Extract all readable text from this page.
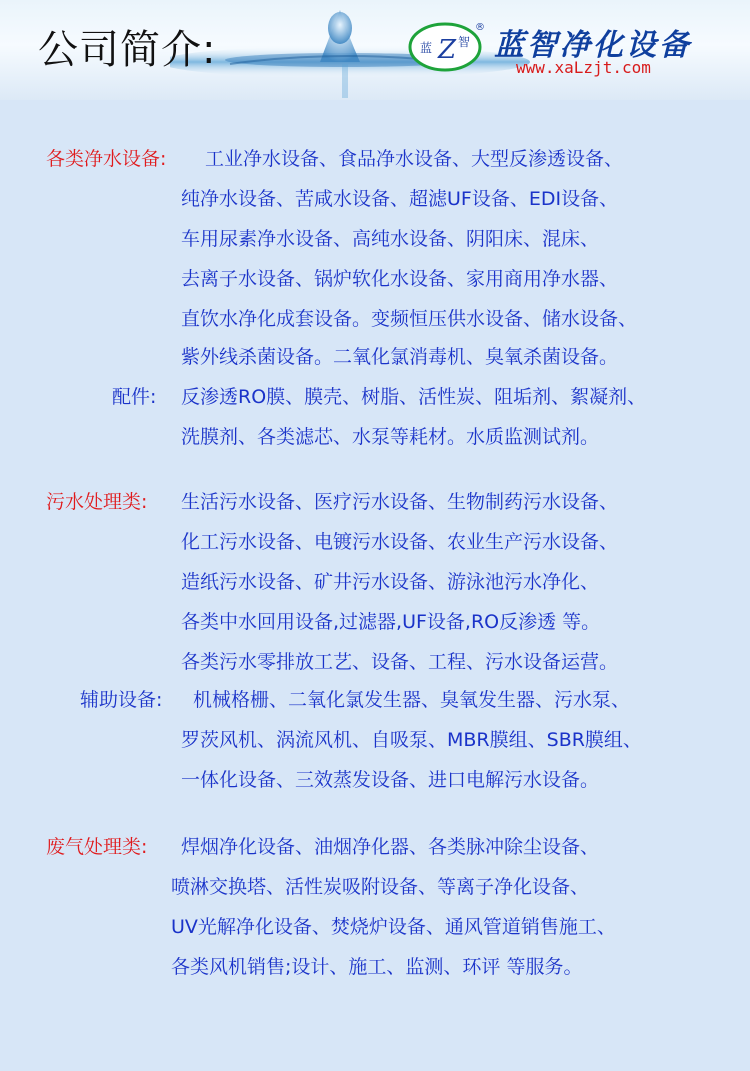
公司简介:	蓝 Z 智
®
蓝智净化设备
www.xaLzjt.com
各类净水设备: 工业净水设备、食品净水设备、大型反渗透设备、
纯净水设备、苦咸水设备、超滤UF设备、EDI设备、
车用尿素净水设备、高纯水设备、阴阳床、混床、
去离子水设备、锅炉软化水设备、家用商用净水器、
直饮水净化成套设备。变频恒压供水设备、储水设备、
紫外线杀菌设备。二氧化氯消毒机、臭氧杀菌设备。
配件: 反渗透RO膜、膜壳、树脂、活性炭、阻垢剂、絮凝剂、
洗膜剂、各类滤芯、水泵等耗材。水质监测试剂。
污水处理类: 生活污水设备、医疗污水设备、生物制药污水设备、
化工污水设备、电镀污水设备、农业生产污水设备、
造纸污水设备、矿井污水设备、游泳池污水净化、
各类中水回用设备,过滤器,UF设备,RO反渗透 等。
各类污水零排放工艺、设备、工程、污水设备运营。
辅助设备: 机械格栅、二氧化氯发生器、臭氧发生器、污水泵、
罗茨风机、涡流风机、自吸泵、MBR膜组、SBR膜组、
一体化设备、三效蒸发设备、进口电解污水设备。
废气处理类: 焊烟净化设备、油烟净化器、各类脉冲除尘设备、
喷淋交换塔、活性炭吸附设备、等离子净化设备、
UV光解净化设备、焚烧炉设备、通风管道销售施工、
各类风机销售;设计、施工、监测、环评 等服务。
